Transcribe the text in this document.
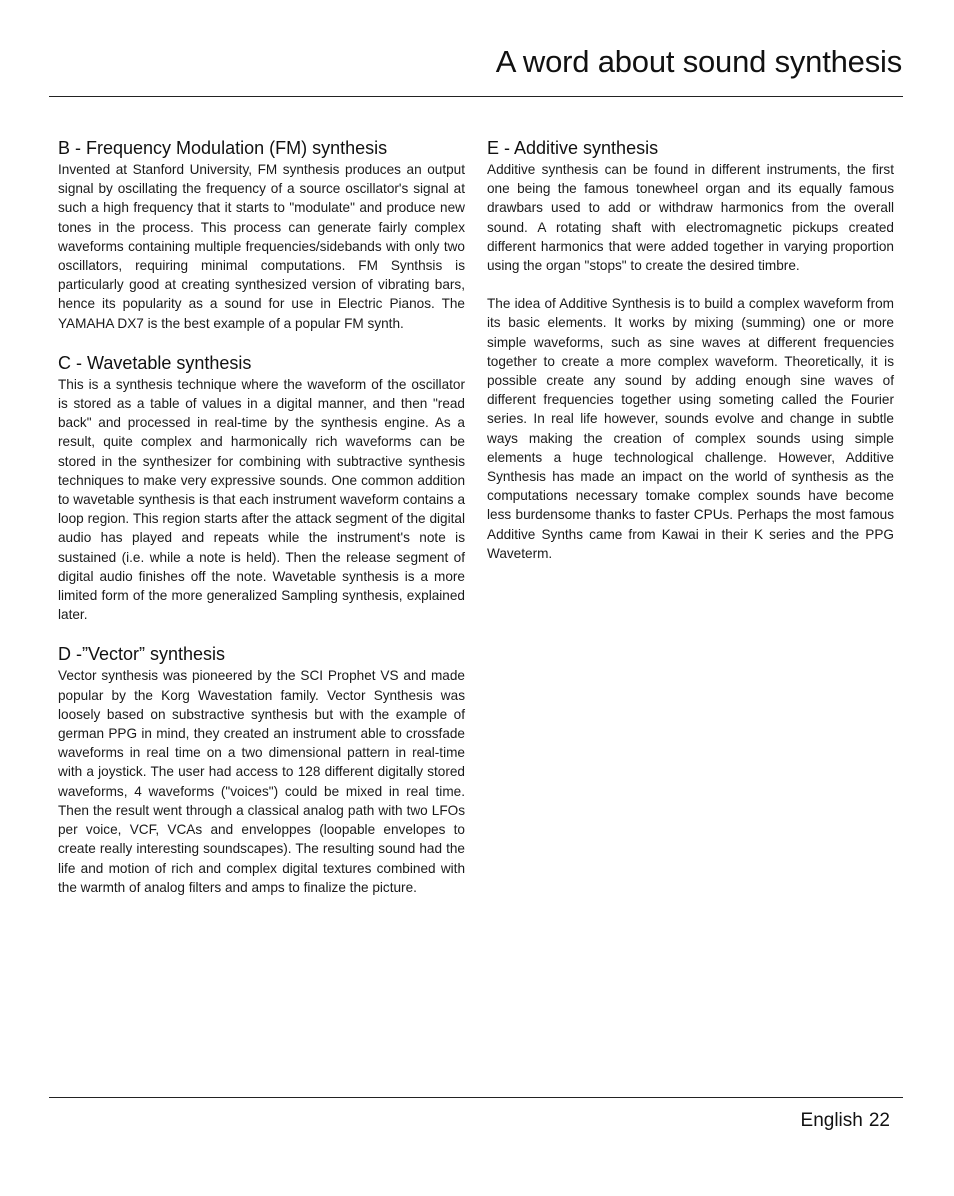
A word about sound synthesis
B - Frequency Modulation (FM) synthesis

Invented at Stanford University, FM synthesis produces an output signal by oscillating the frequency of a source oscillator's signal at such a high frequency that it starts to "modulate" and produce new tones in the process. This process can generate fairly complex waveforms containing multiple frequencies/sidebands with only two oscillators, requiring minimal computations. FM Synthsis is particularly good at creating synthesized version of vibrating bars, hence its popularity as a sound for use in Electric Pianos. The YAMAHA DX7 is the best example of a popular FM synth.

C - Wavetable synthesis

This is a synthesis technique where the waveform of the oscillator is stored as a table of values in a digital manner, and then "read back" and processed in real-time by the synthesis engine. As a result, quite complex and harmonically rich waveforms can be stored in the synthesizer for combining with subtractive synthesis techniques to make very expressive sounds. One common addition to wavetable synthesis is that each instrument waveform contains a loop region. This region starts after the attack segment of the digital audio has played and repeats while the instrument's note is sustained (i.e. while a note is held). Then the release segment of digital audio finishes off the note. Wavetable synthesis is a more limited form of the more generalized Sampling synthesis, explained later.

D -”Vector” synthesis

Vector synthesis was pioneered by the SCI Prophet VS and made popular by the Korg Wavestation family. Vector Synthesis was loosely based on substractive synthesis but with the example of german PPG in mind, they created an instrument able to crossfade waveforms in real time on a two dimensional pattern in real-time with a joystick. The user had access to 128 different digitally stored waveforms, 4 waveforms ("voices") could be mixed in real time. Then the result went through a classical analog path with two LFOs per voice, VCF, VCAs and enveloppes (loopable envelopes to create really interesting soundscapes). The resulting sound had the life and motion of rich and complex digital textures combined with the warmth of analog filters and amps to finalize the picture.

E - Additive synthesis

Additive synthesis can be found in different instruments, the first one being the famous tonewheel organ and its equally famous drawbars used to add or withdraw harmonics from the overall sound. A rotating shaft with electromagnetic pickups created different harmonics that were added together in varying proportion using the organ "stops" to create the desired timbre.

The idea of Additive Synthesis is to build a complex waveform from its basic elements. It works by mixing (summing) one or more simple waveforms, such as sine waves at different frequencies together to create a more complex waveform. Theoretically, it is possible create any sound by adding enough sine waves of different frequencies together using someting called the Fourier series. In real life however, sounds evolve and change in subtle ways making the creation of complex sounds using simple elements a huge technological challenge. However, Additive Synthesis has made an impact on the world of synthesis as the computations necessary tomake complex sounds have become less burdensome thanks to faster CPUs. Perhaps the most famous Additive Synths came from Kawai in their K series and the PPG Waveterm.

English 22
